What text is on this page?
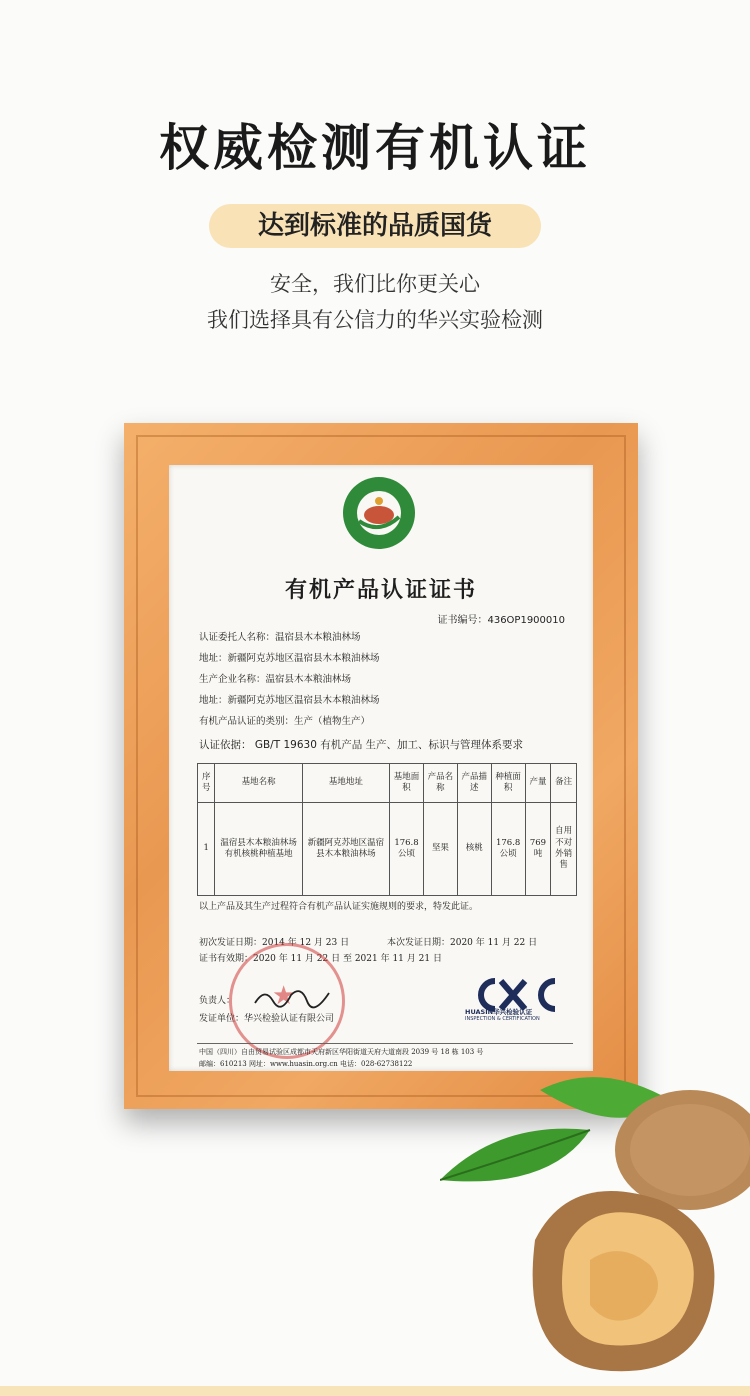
权威检测有机认证
达到标准的品质国货
安全，我们比你更关心
我们选择具有公信力的华兴实验检测
有机产品认证证书
证书编号：436OP1900010
认证委托人名称：温宿县木本粮油林场
地址：新疆阿克苏地区温宿县木本粮油林场
生产企业名称：温宿县木本粮油林场
地址：新疆阿克苏地区温宿县木本粮油林场
有机产品认证的类别：生产（植物生产）
认证依据： GB/T 19630 有机产品 生产、加工、标识与管理体系要求
序号	基地名称	基地地址	基地面积	产品名称	产品描述	种植面积	产量	备注
1	温宿县木本粮油林场有机核桃种植基地	新疆阿克苏地区温宿县木本粮油林场	176.8公顷	坚果	核桃	176.8公顷	769吨	自用不对外销售
以上产品及其生产过程符合有机产品认证实施规则的要求，特发此证。
初次发证日期：2014 年 12 月 23 日	本次发证日期：2020 年 11 月 22 日
证书有效期：2020 年 11 月 22 日 至 2021 年 11 月 21 日
★
负责人：
发证单位：华兴检验认证有限公司
HUASIN华兴检验认证
INSPECTION & CERTIFICATION
中国（四川）自由贸易试验区成都市天府新区华阳街道天府大道南段 2039 号 18 栋 103 号
邮编：610213 网址：www.huasin.org.cn 电话：028-62738122
